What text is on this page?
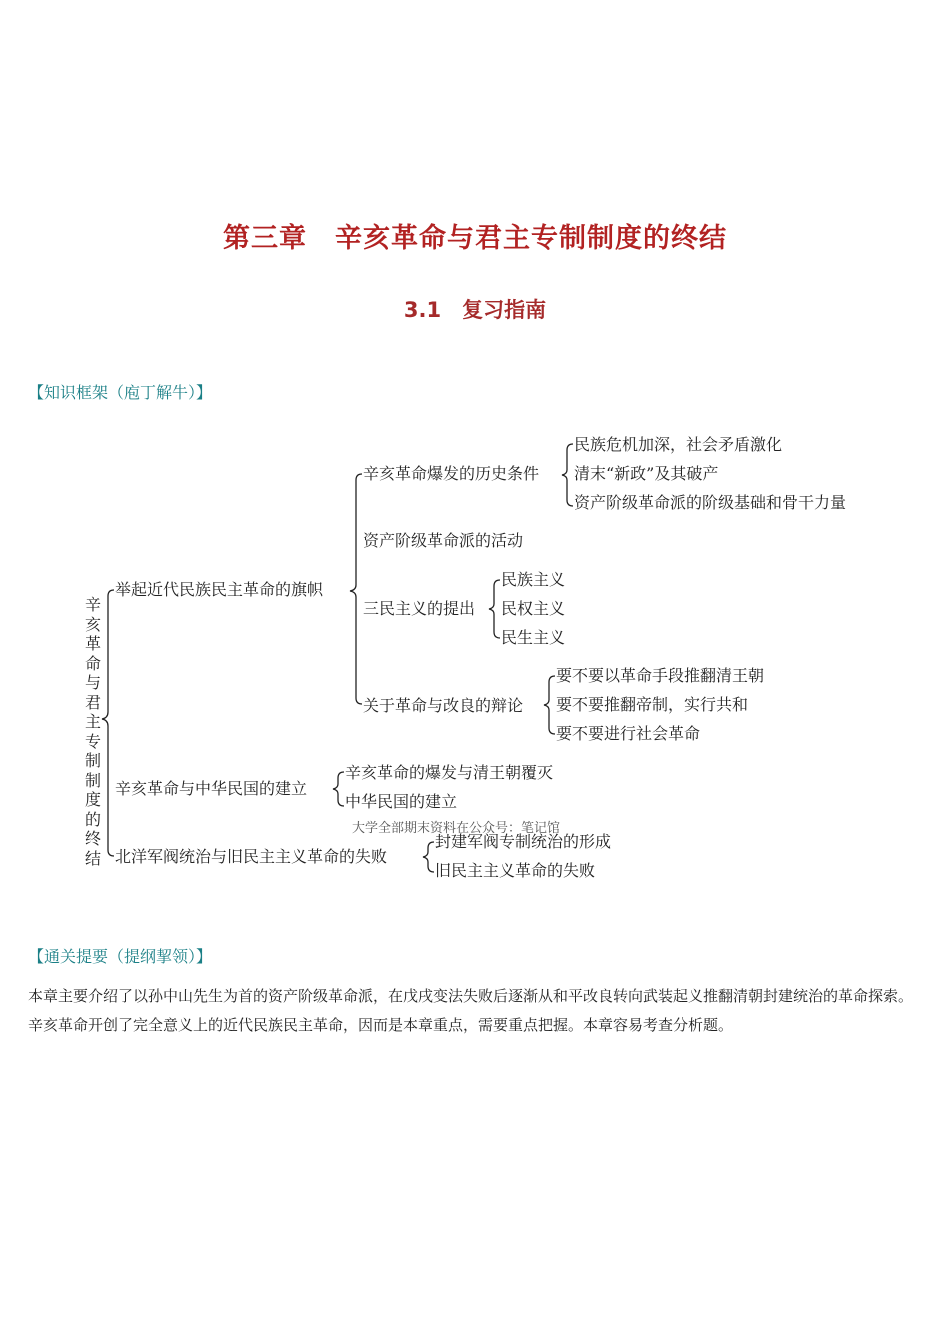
第三章　辛亥革命与君主专制制度的终结
3.1　复习指南
【知识框架（庖丁解牛）】
辛亥革命与君主专制制度的终结
举起近代民族民主革命的旗帜
辛亥革命爆发的历史条件
民族危机加深，社会矛盾激化
清末“新政”及其破产
资产阶级革命派的阶级基础和骨干力量
资产阶级革命派的活动
三民主义的提出
民族主义
民权主义
民生主义
关于革命与改良的辩论
要不要以革命手段推翻清王朝
要不要推翻帝制，实行共和
要不要进行社会革命
辛亥革命与中华民国的建立
辛亥革命的爆发与清王朝覆灭
中华民国的建立
北洋军阀统治与旧民主主义革命的失败
封建军阀专制统治的形成
旧民主主义革命的失败
大学全部期末资料在公众号：笔记馆
【通关提要（提纲挈领）】
本章主要介绍了以孙中山先生为首的资产阶级革命派，在戊戌变法失败后逐渐从和平改良转向武装起义推翻清朝封建统治的革命探索。辛亥革命开创了完全意义上的近代民族民主革命，因而是本章重点，需要重点把握。本章容易考查分析题。
